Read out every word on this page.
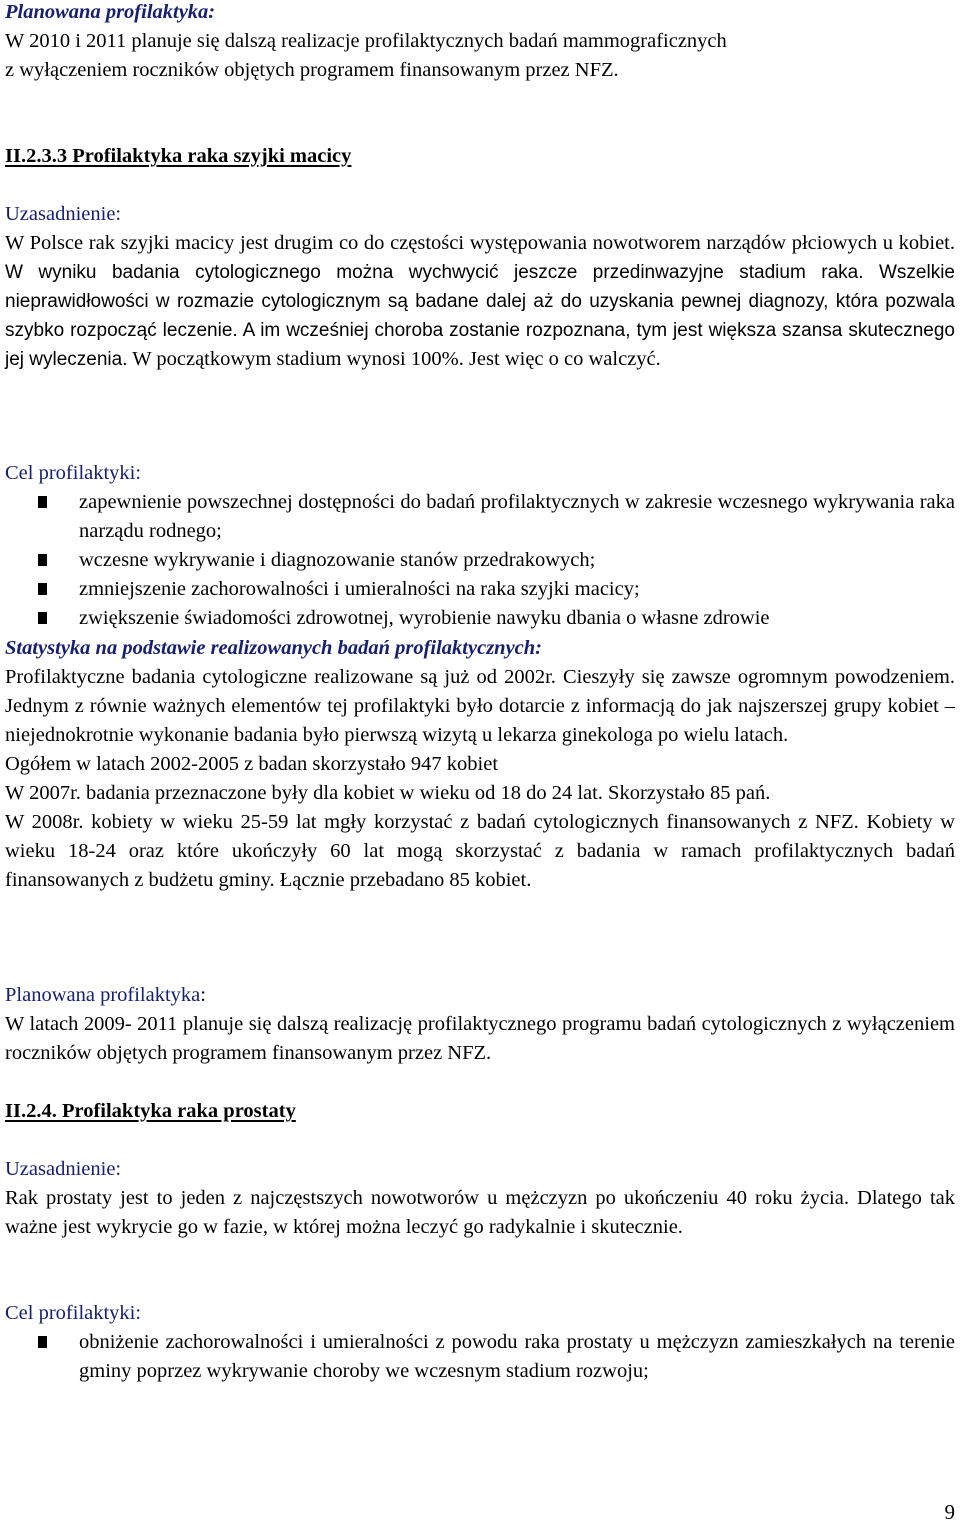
Planowana profilaktyka:
W 2010 i 2011 planuje się dalszą realizacje profilaktycznych badań mammograficznych
z wyłączeniem roczników objętych programem finansowanym przez NFZ.
II.2.3.3 Profilaktyka raka szyjki macicy
Uzasadnienie:
W Polsce rak szyjki macicy jest drugim co do częstości występowania nowotworem narządów płciowych u kobiet. W wyniku badania cytologicznego można wychwycić jeszcze przedinwazyjne stadium raka. Wszelkie nieprawidłowości w rozmazie cytologicznym są badane dalej aż do uzyskania pewnej diagnozy, która pozwala szybko rozpocząć leczenie. A im wcześniej choroba zostanie rozpoznana, tym jest większa szansa skutecznego jej wyleczenia. W początkowym stadium wynosi 100%. Jest więc o co walczyć.
Cel profilaktyki:
zapewnienie powszechnej dostępności do badań profilaktycznych w zakresie wczesnego wykrywania raka narządu rodnego;
wczesne wykrywanie i diagnozowanie stanów przedrakowych;
zmniejszenie zachorowalności i umieralności na raka szyjki macicy;
zwiększenie świadomości zdrowotnej, wyrobienie nawyku dbania o własne zdrowie
Statystyka na podstawie realizowanych badań profilaktycznych:
Profilaktyczne badania cytologiczne realizowane są już od 2002r. Cieszyły się zawsze ogromnym powodzeniem. Jednym z równie ważnych elementów tej profilaktyki było dotarcie z informacją do jak najszerszej grupy kobiet – niejednokrotnie wykonanie badania było pierwszą wizytą u lekarza ginekologa po wielu latach.
Ogółem w latach 2002-2005 z badan skorzystało 947 kobiet
W 2007r. badania przeznaczone były dla kobiet w wieku od 18 do 24 lat. Skorzystało 85 pań.
W 2008r. kobiety w wieku 25-59 lat mgły korzystać z badań cytologicznych finansowanych z NFZ. Kobiety w wieku 18-24 oraz które ukończyły 60 lat mogą skorzystać z badania w ramach profilaktycznych badań finansowanych z budżetu gminy. Łącznie przebadano 85 kobiet.
Planowana profilaktyka:
W latach 2009- 2011 planuje się dalszą realizację profilaktycznego programu badań cytologicznych z wyłączeniem roczników objętych programem finansowanym przez NFZ.
II.2.4. Profilaktyka raka prostaty
Uzasadnienie:
Rak prostaty jest to jeden z najczęstszych nowotworów u mężczyzn po ukończeniu 40 roku życia. Dlatego tak ważne jest wykrycie go w fazie, w której można leczyć go radykalnie i skutecznie.
Cel profilaktyki:
obniżenie zachorowalności i umieralności z powodu raka prostaty u mężczyzn zamieszkałych na terenie gminy poprzez wykrywanie choroby we wczesnym stadium rozwoju;
9
